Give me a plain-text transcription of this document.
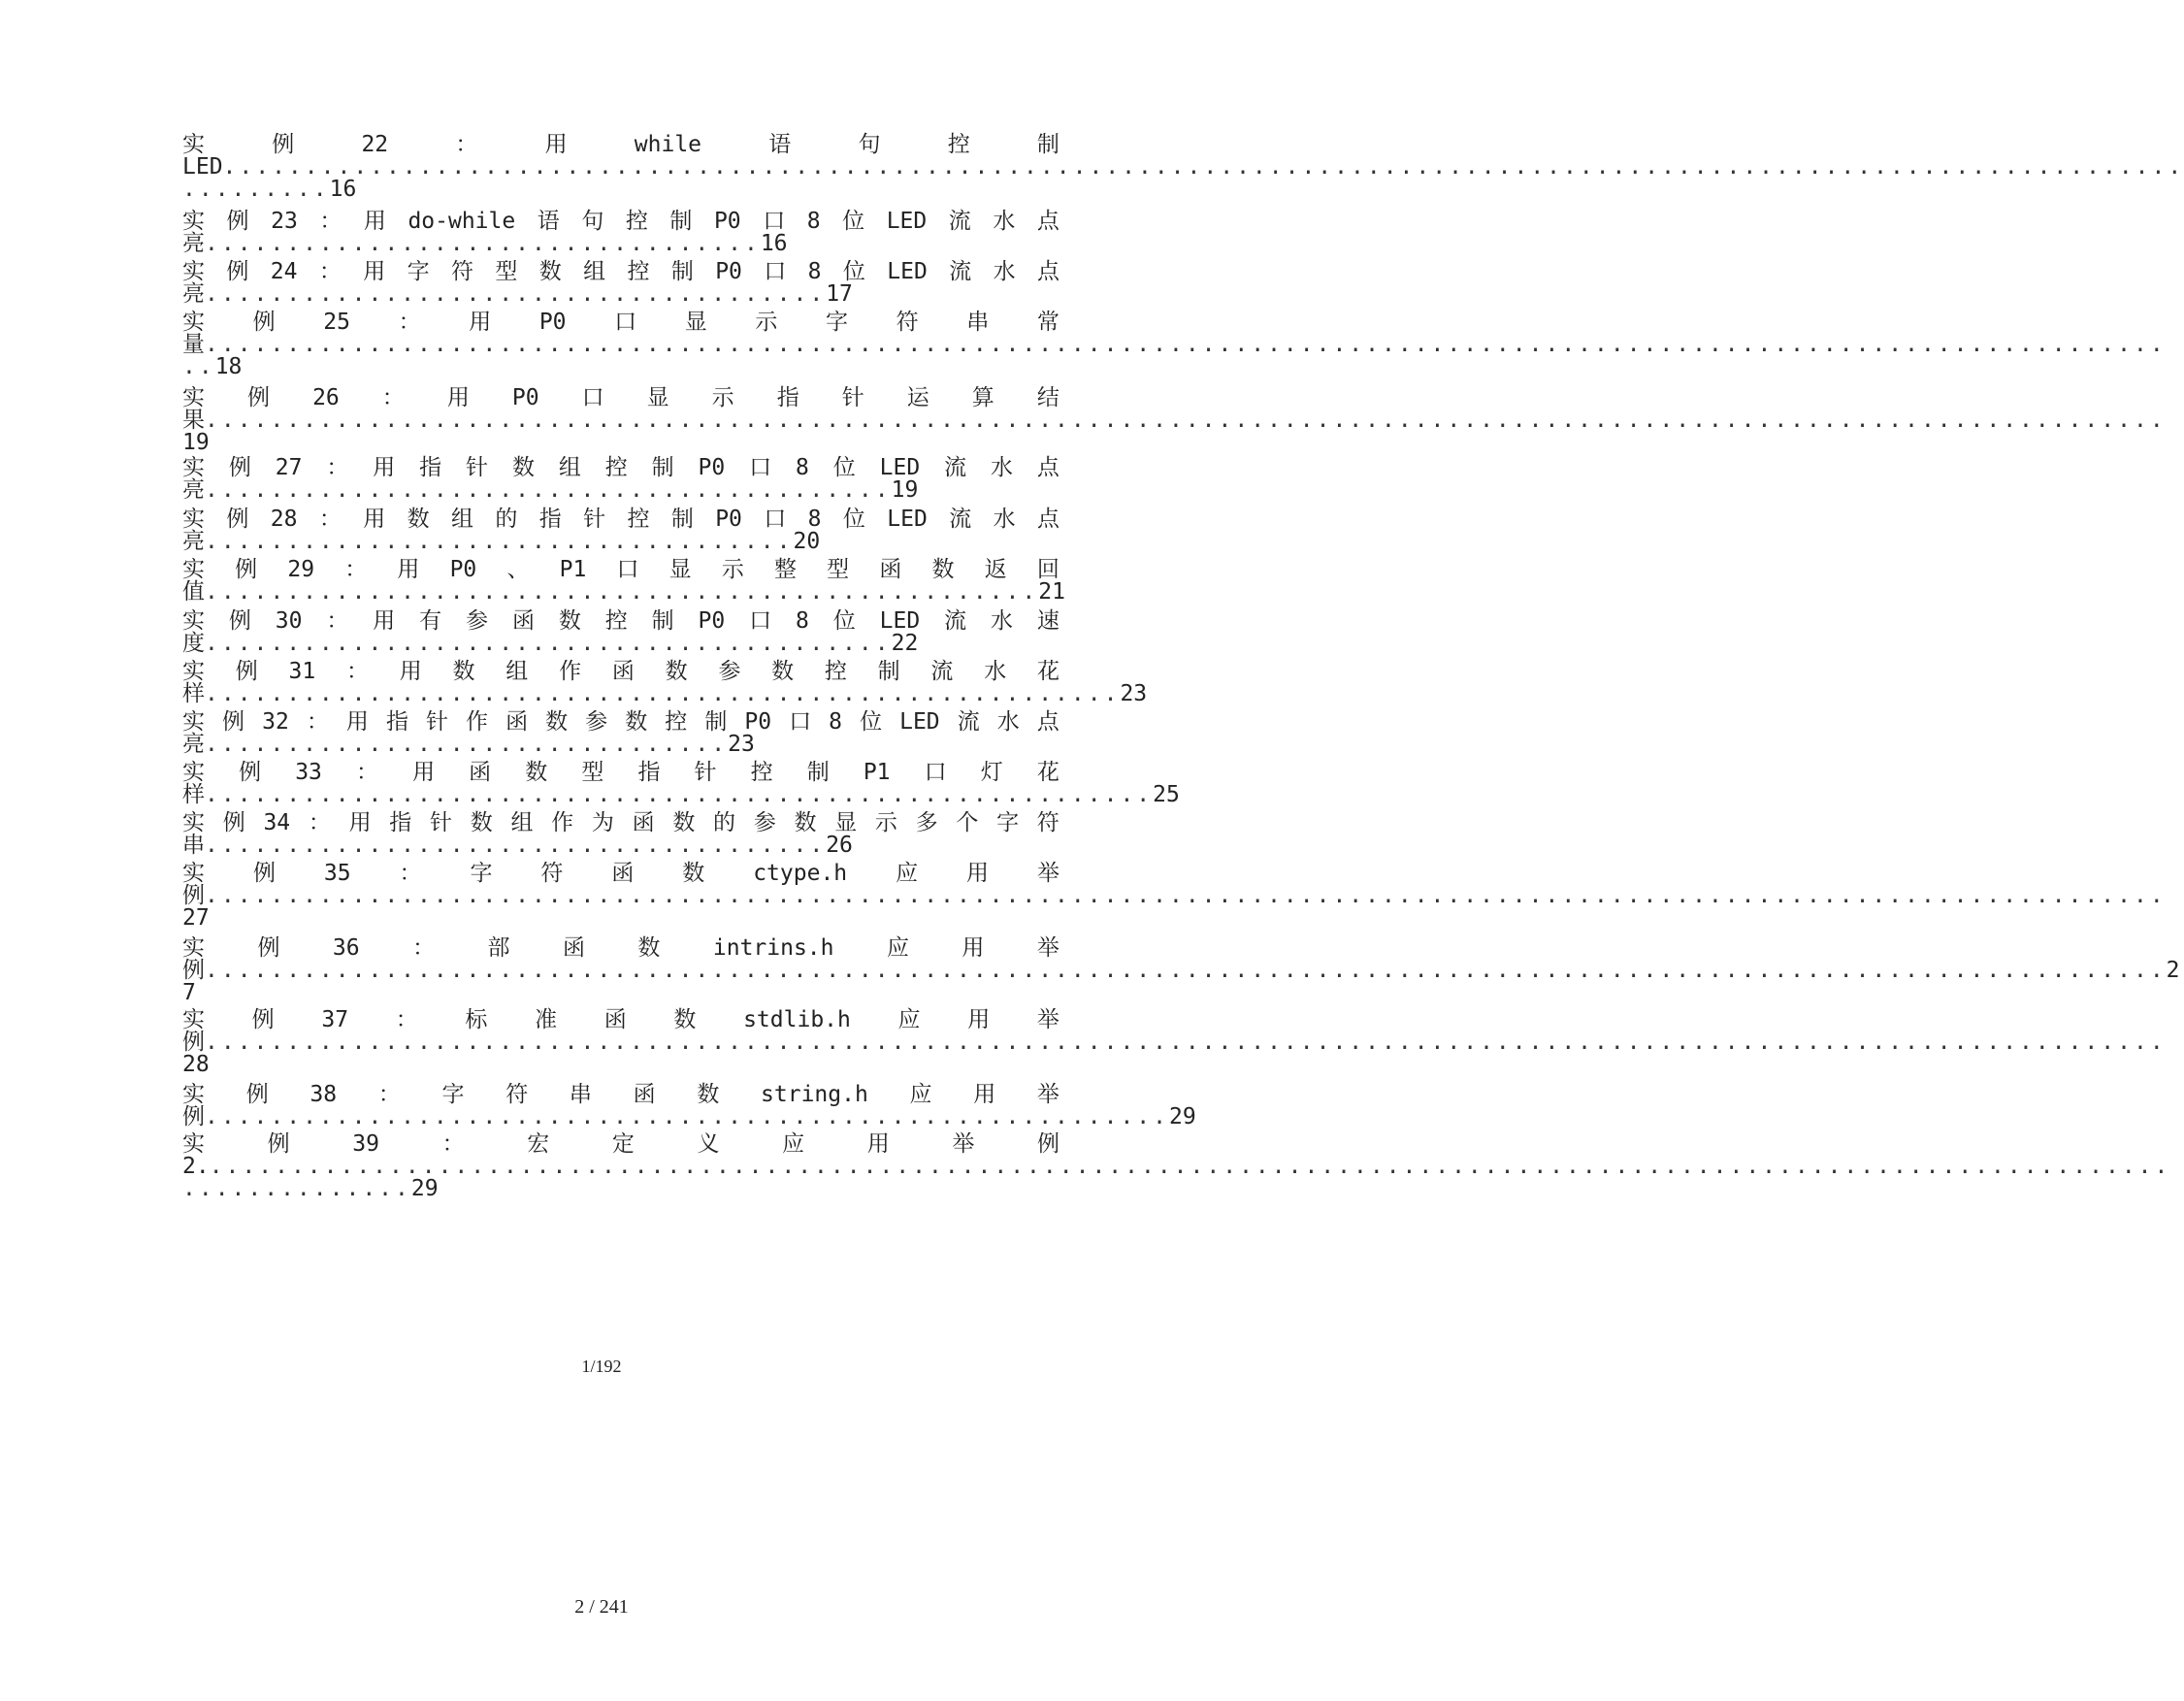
实	例	22	：	用	while	语	句	控	制
LED ........................................................................................................................
......... 16
实 例 23 ： 用 do-while 语 句 控 制 P0 口 8 位 LED 流 水 点
亮 .................................. 16
实 例 24 ： 用 字 符 型 数 组 控 制 P0 口 8 位 LED 流 水 点
亮 ...................................... 17
实 例 25 ： 用 P0 口 显 示 字 符 串 常
量 ........................................................................................................................
.. 18
实 例 26 ： 用 P0 口 显 示 指 针 运 算 结
果 ........................................................................................................................
19
实 例 27 ： 用 指 针 数 组 控 制 P0 口 8 位 LED 流 水 点
亮 .......................................... 19
实 例 28 ： 用 数 组 的 指 针 控 制 P0 口 8 位 LED 流 水 点
亮 .................................... 20
实 例 29 ： 用 P0 、 P1 口 显 示 整 型 函 数 返 回
值 ................................................... 21
实 例 30 ： 用 有 参 函 数 控 制 P0 口 8 位 LED 流 水 速
度 .......................................... 22
实 例 31 ： 用 数 组 作 函 数 参 数 控 制 流 水 花
样 ........................................................ 23
实 例 32 ： 用 指 针 作 函 数 参 数 控 制 P0 口 8 位 LED 流 水 点
亮 ................................ 23
实 例 33 ： 用 函 数 型 指 针 控 制 P1 口 灯 花
样 .......................................................... 25
实 例 34 ： 用 指 针 数 组 作 为 函 数 的 参 数 显 示 多 个 字 符
串 ...................................... 26
实 例 35 ： 字 符 函 数 ctype.h 应 用 举
例 ........................................................................................................................
27
实 例 36 ： 部 函 数 intrins.h 应 用 举
例 ........................................................................................................................ 2
7
实 例 37 ： 标 准 函 数 stdlib.h 应 用 举
例 ........................................................................................................................
28
实 例 38 ： 字 符 串 函 数 string.h 应 用 举
例 ........................................................... 29
实	例	39	：	宏	定	义	应	用	举	例
2. ........................................................................................................................
.............. 29
1/192
2 / 241
